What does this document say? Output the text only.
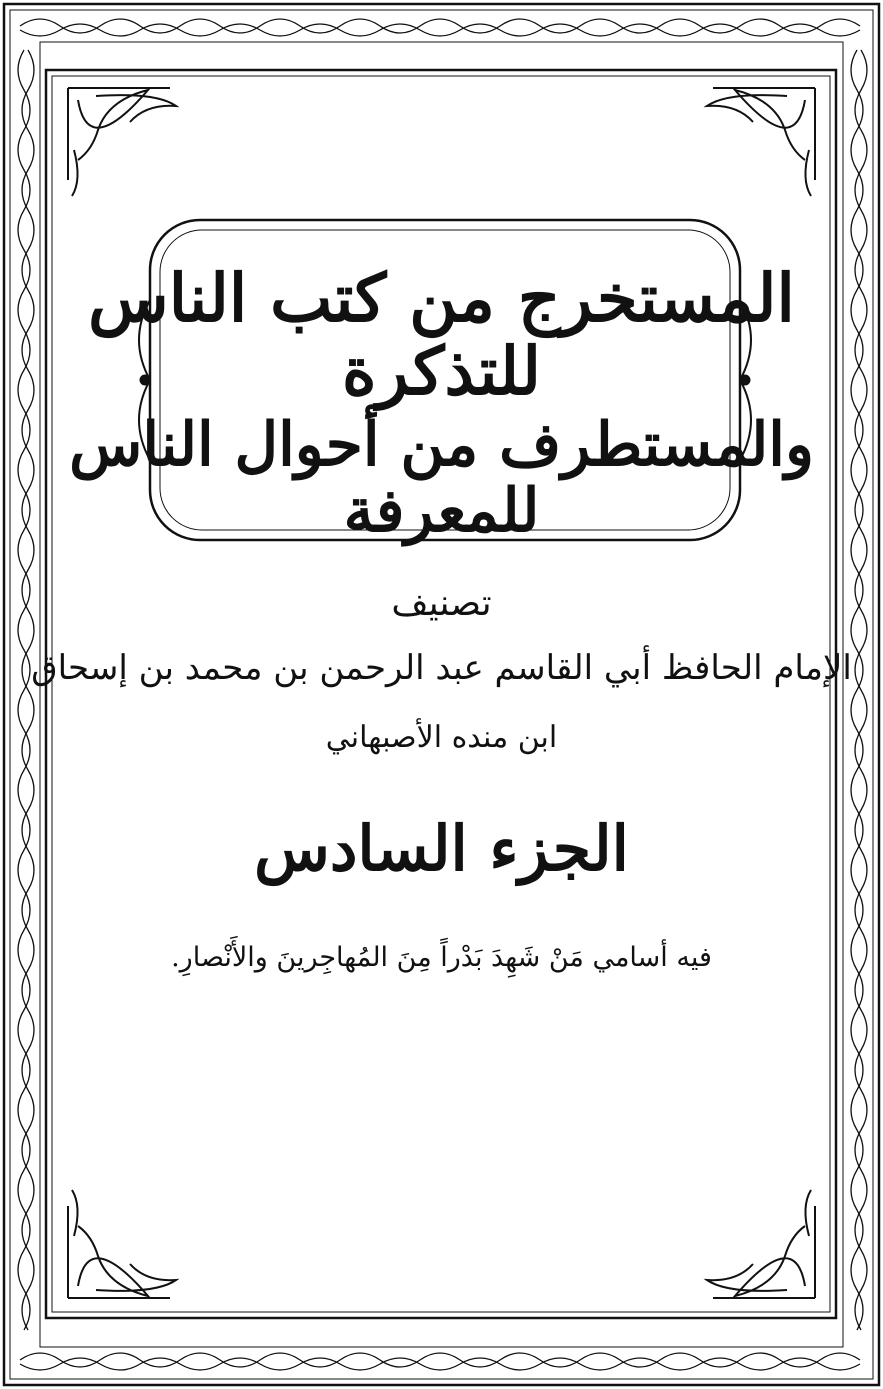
المستخرج من كتب الناس للتذكرة
والمستطرف من أحوال الناس للمعرفة
تصنيف
الإمام الحافظ أبي القاسم عبد الرحمن بن محمد بن إسحاق
ابن منده الأصبهاني
الجزء السادس
فيه أسامي مَنْ شَهِدَ بَدْراً مِنَ المُهاجِرينَ والأَنْصارِ.
